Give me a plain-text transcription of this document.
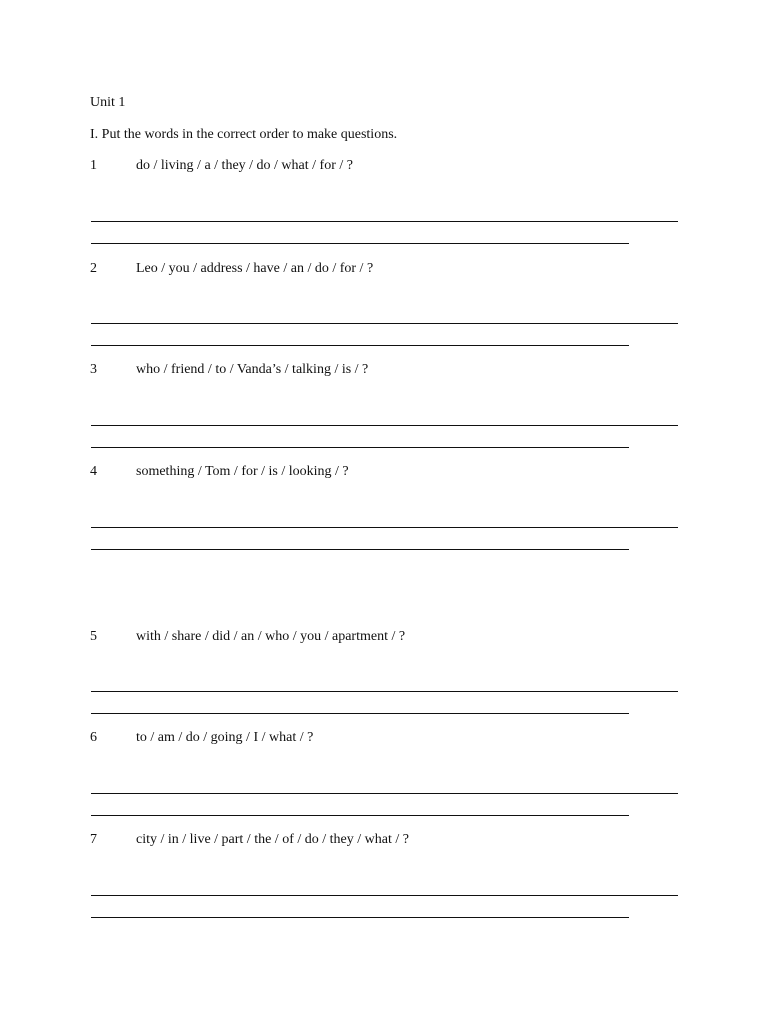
Unit 1
I. Put the words in the correct order to make questions.
1	do / living / a / they / do / what / for / ?
2	Leo / you / address / have / an / do / for / ?
3	who / friend / to / Vanda’s / talking / is / ?
4	something / Tom / for / is / looking / ?
5	with / share / did / an / who / you / apartment / ?
6	to / am / do / going / I / what / ?
7	city / in / live / part / the / of / do / they / what / ?
